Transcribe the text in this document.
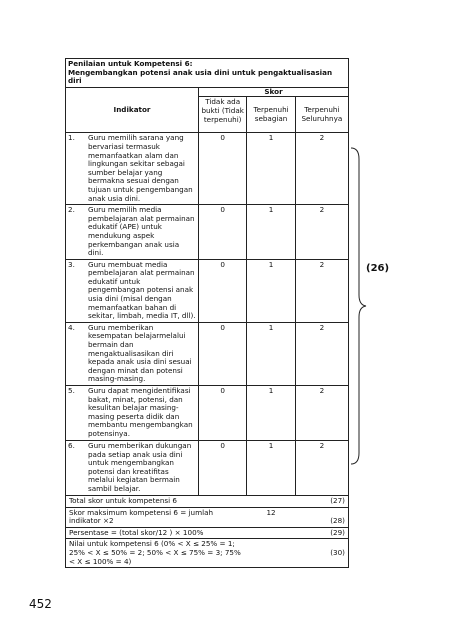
Penilaian untuk Kompetensi 6:
Mengembangkan potensi anak usia dini untuk pengaktualisasian diri			

Indikator	Skor		
	Tidak ada bukti (Tidak terpenuhi)	Terpenuhi sebagian	Terpenuhi Seluruhnya
1. Guru memilih sarana yang bervariasi termasuk memanfaatkan alam dan lingkungan sekitar sebagai sumber belajar yang bermakna sesuai dengan tujuan untuk pengembangan anak usia dini.	0	1	2
2. Guru memilih media pembelajaran alat permainan edukatif (APE) untuk mendukung aspek perkembangan anak usia dini.	0	1	2
3. Guru membuat media pembelajaran alat permainan edukatif untuk pengembangan potensi anak usia dini (misal dengan memanfaatkan bahan di sekitar, limbah, media IT, dll).	0	1	2
4. Guru memberikan kesempatan belajarmelalui bermain dan mengaktualisasikan diri kepada anak usia dini sesuai dengan minat dan potensi masing-masing.	0	1	2
5. Guru dapat mengidentifikasi bakat, minat, potensi, dan kesulitan belajar masing-masing peserta didik dan membantu mengembangkan potensinya.	0	1	2
6. Guru memberikan dukungan pada setiap anak usia dini untuk mengembangkan potensi dan kreatifitas melalui kegiatan bermain sambil belajar.	0	1	2
Total skor untuk kompetensi 6 (27)			

Skor maksimum kompetensi 6 = jumlah indikator ×2		12	(28)
Persentase = (total skor/12 ) × 100%		(29)	
Nilai untuk kompetensi 6 (0% < X ≤ 25% = 1; 25% < X ≤ 50% = 2; 50% < X ≤ 75% = 3; 75% < X ≤ 100% = 4)		(30)	
(26)
452
